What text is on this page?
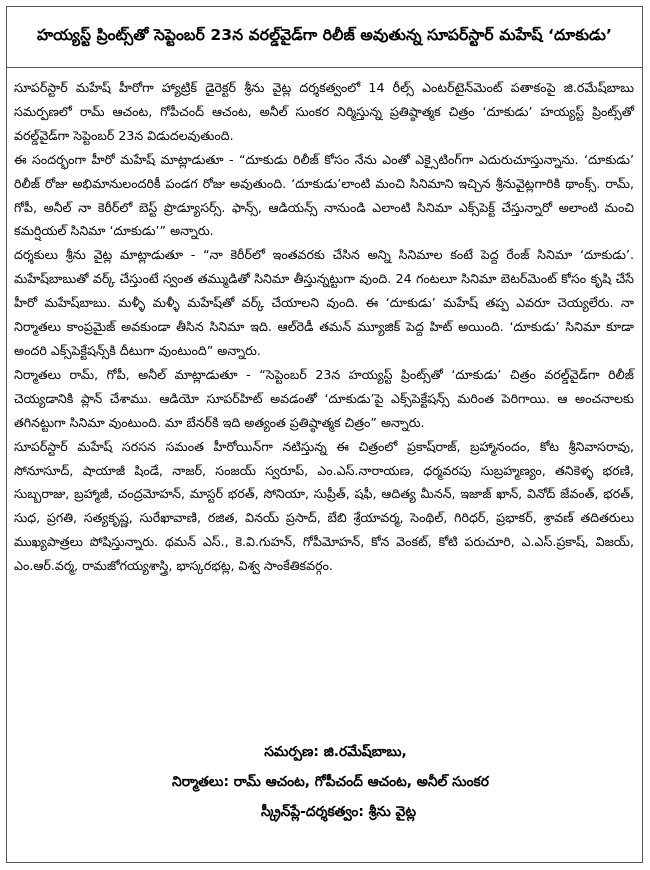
హయ్యస్ట్ ప్రింట్స్‌తో సెప్టెంబర్ 23న వరల్డ్‌వైడ్‌గా రిలీజ్ అవుతున్న సూపర్‌స్టార్ మహేష్ ‘దూకుడు’

సూపర్‌స్టార్ మహేష్ హీరోగా హ్యాట్రిక్ డైరెక్టర్ శ్రీను వైట్ల దర్శకత్వంలో 14 రీల్స్ ఎంటర్‌టైన్‌మెంట్ పతాకంపై జి.రమేష్‌బాబు సమర్పణలో రామ్ ఆచంట, గోపీచంద్ ఆచంట, అనీల్ సుంకర నిర్మిస్తున్న ప్రతిష్ఠాత్మక చిత్రం ‘దూకుడు’ హయ్యస్ట్ ప్రింట్స్‌తో వరల్డ్‌వైడ్‌గా సెప్టెంబర్ 23న విడుదలవుతుంది.

ఈ సందర్భంగా హీరో మహేష్ మాట్లాడుతూ - “దూకుడు రిలీజ్ కోసం నేను ఎంతో ఎక్సైటింగ్‌గా ఎదురుచూస్తున్నాను. ‘దూకుడు’ రిలీజ్ రోజు అభిమానులందరికీ పండగ రోజు అవుతుంది. ‘దూకుడు’లాంటి మంచి సినిమాని ఇచ్చిన శ్రీనువైట్లగారికి థాంక్స్. రామ్, గోపీ, అనీల్ నా కెరీర్‌లో బెస్ట్ ప్రొడ్యూసర్స్. ఫాన్స్, ఆడియన్స్ నానుండి ఎలాంటి సినిమా ఎక్స్‌పెక్ట్ చేస్తున్నారో అలాంటి మంచి కమర్షియల్ సినిమా ‘దూకుడు’” అన్నారు.

దర్శకులు శ్రీను వైట్ల మాట్లాడుతూ - “నా కెరీర్‌లో ఇంతవరకు చేసిన అన్ని సినిమాల కంటే పెద్ద రేంజ్ సినిమా ‘దూకుడు’. మహేష్‌బాబుతో వర్క్ చేస్తుంటే స్వంత తమ్ముడితో సినిమా తీస్తున్నట్టుగా వుంది. 24 గంటలూ సినిమా బెటర్‌మెంట్ కోసం కృషి చేసే హీరో మహేష్‌బాబు. మళ్ళీ మళ్ళీ మహేష్‌తో వర్క్ చేయాలని వుంది. ఈ ‘దూకుడు’ మహేష్ తప్ప ఎవరూ చెయ్యలేరు. నా నిర్మాతలు కాంప్రమైజ్ అవకుండా తీసిన సినిమా ఇది. ఆల్‌రెడీ తమన్ మ్యూజిక్ పెద్ద హిట్ అయింది. ‘దూకుడు’ సినిమా కూడా అందరి ఎక్స్‌పెక్టేషన్స్‌కి దీటుగా వుంటుంది” అన్నారు.

నిర్మాతలు రామ్, గోపీ, అనీల్ మాట్లాడుతూ - “సెప్టెంబర్ 23న హయ్యస్ట్ ప్రింట్స్‌తో ‘దూకుడు’ చిత్రం వరల్డ్‌వైడ్‌గా రిలీజ్ చెయ్యడానికి ప్లాన్ చేశాము. ఆడియో సూపర్‌హిట్ అవడంతో ‘దూకుడు’పై ఎక్స్‌పెక్టేషన్స్ మరింత పెరిగాయి. ఆ అంచనాలకు తగినట్టుగా సినిమా వుంటుంది. మా బేనర్‌కి ఇది అత్యంత ప్రతిష్ఠాత్మక చిత్రం” అన్నారు.

సూపర్‌స్టార్ మహేష్ సరసన సమంత హీరోయిన్‌గా నటిస్తున్న ఈ చిత్రంలో ప్రకాష్‌రాజ్, బ్రహ్మానందం, కోట శ్రీనివాసరావు, సోనూసూద్, షాయాజీ షిండే, నాజర్, సంజయ్ స్వరూప్, ఎం.ఎస్.నారాయణ, ధర్మవరపు సుబ్రహ్మణ్యం, తనికెళ్ళ భరణి, సుబ్బరాజు, బ్రహ్మాజీ, చంద్రమోహన్, మాస్టర్ భరత్, సోనియా, సుప్రీత్, షఫీ, ఆదిత్య మీనన్, ఇజాజ్ ఖాన్, వినోద్ జేవంత్, భరత్, సుధ, ప్రగతి, సత్యకృష్ణ, సురేఖావాణి, రజిత, వినయ్ ప్రసాద్, బేబి శ్రేయావర్మ, సెంథిల్, గిరిధర్, ప్రభాకర్, శ్రావణ్ తదితరులు ముఖ్యపాత్రలు పోషిస్తున్నారు. థమన్ ఎస్., కె.వి.గుహన్, గోపీమోహన్, కోన వెంకట్, కోటి పరుచూరి, ఎ.ఎస్.ప్రకాష్, విజయ్, ఎం.ఆర్.వర్మ, రామజోగయ్యశాస్త్రి, భాస్కరభట్ల, విశ్వ సాంకేతికవర్గం.

సమర్పణ: జి.రమేష్‌బాబు,
నిర్మాతలు: రామ్ ఆచంట, గోపీచంద్ ఆచంట, అనీల్ సుంకర
స్క్రీన్‌ప్లే-దర్శకత్వం: శ్రీను వైట్ల
